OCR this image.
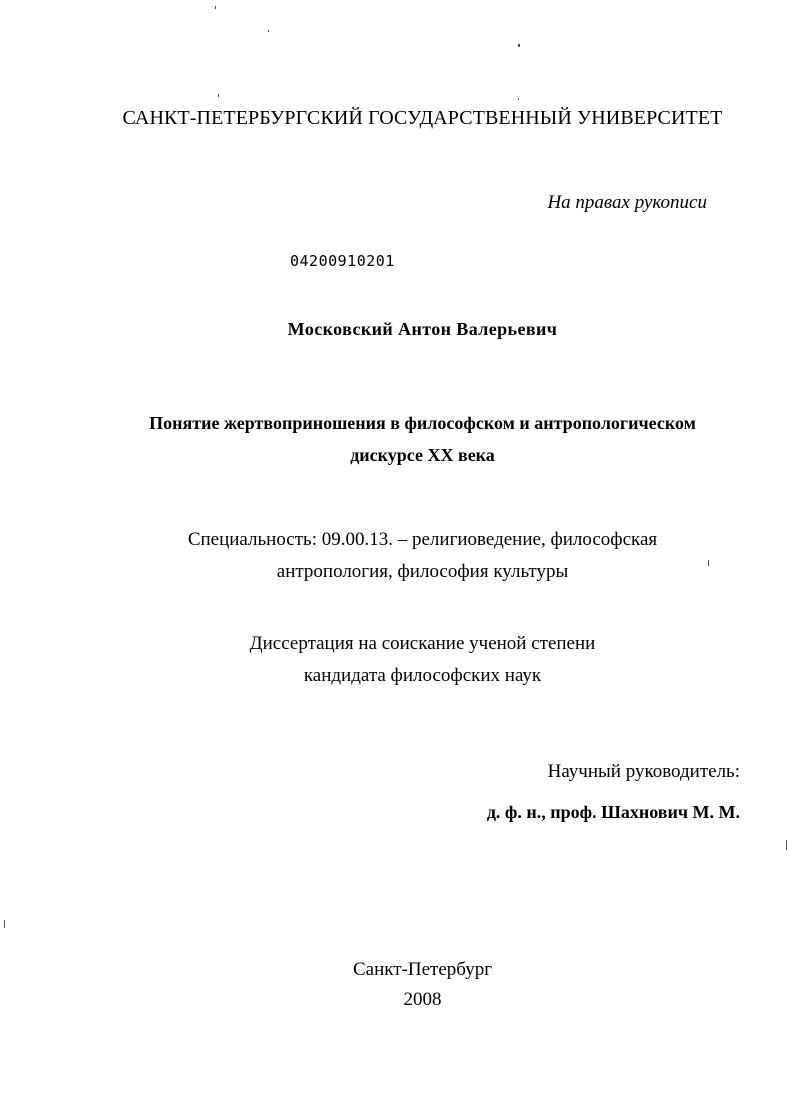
САНКТ-ПЕТЕРБУРГСКИЙ ГОСУДАРСТВЕННЫЙ УНИВЕРСИТЕТ
На правах рукописи
04200910201
Московский Антон Валерьевич
Понятие жертвоприношения в философском и антропологическом
дискурсе XX века
Специальность: 09.00.13. – религиоведение, философская
антропология, философия культуры
Диссертация на соискание ученой степени
кандидата философских наук
Научный руководитель:
д. ф. н., проф. Шахнович М. М.
Санкт-Петербург
2008
